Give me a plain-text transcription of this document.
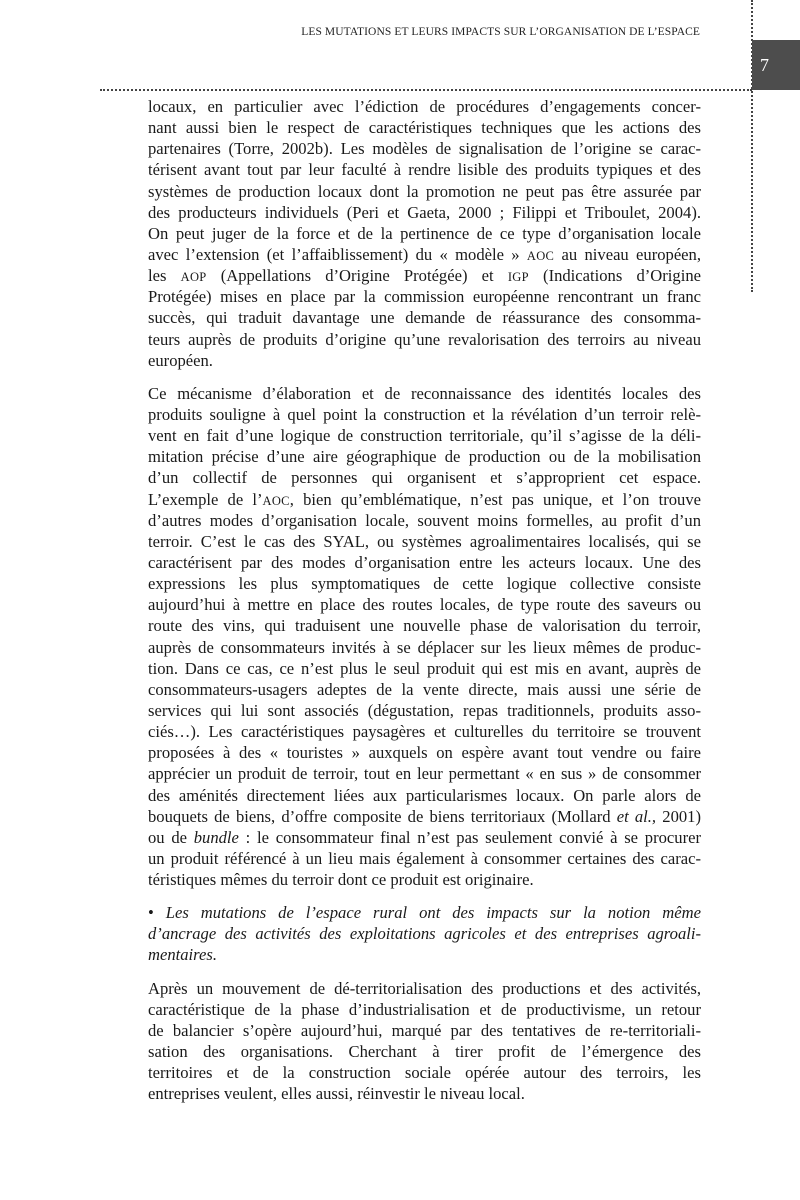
LES MUTATIONS ET LEURS IMPACTS SUR L’ORGANISATION DE L’ESPACE
7
locaux, en particulier avec l’édiction de procédures d’engagements concer-
nant aussi bien le respect de caractéristiques techniques que les actions des
partenaires (Torre, 2002b). Les modèles de signalisation de l’origine se carac-
térisent avant tout par leur faculté à rendre lisible des produits typiques et des
systèmes de production locaux dont la promotion ne peut pas être assurée par
des producteurs individuels (Peri et Gaeta, 2000 ; Filippi et Triboulet, 2004).
On peut juger de la force et de la pertinence de ce type d’organisation locale
avec l’extension (et l’affaiblissement) du « modèle » AOC au niveau européen,
les AOP (Appellations d’Origine Protégée) et IGP (Indications d’Origine
Protégée) mises en place par la commission européenne rencontrant un franc
succès, qui traduit davantage une demande de réassurance des consomma-
teurs auprès de produits d’origine qu’une revalorisation des terroirs au niveau
européen.
Ce mécanisme d’élaboration et de reconnaissance des identités locales des
produits souligne à quel point la construction et la révélation d’un terroir relè-
vent en fait d’une logique de construction territoriale, qu’il s’agisse de la déli-
mitation précise d’une aire géographique de production ou de la mobilisation
d’un collectif de personnes qui organisent et s’approprient cet espace.
L’exemple de l’AOC, bien qu’emblématique, n’est pas unique, et l’on trouve
d’autres modes d’organisation locale, souvent moins formelles, au profit d’un
terroir. C’est le cas des SYAL, ou systèmes agroalimentaires localisés, qui se
caractérisent par des modes d’organisation entre les acteurs locaux. Une des
expressions les plus symptomatiques de cette logique collective consiste
aujourd’hui à mettre en place des routes locales, de type route des saveurs ou
route des vins, qui traduisent une nouvelle phase de valorisation du terroir,
auprès de consommateurs invités à se déplacer sur les lieux mêmes de produc-
tion. Dans ce cas, ce n’est plus le seul produit qui est mis en avant, auprès de
consommateurs-usagers adeptes de la vente directe, mais aussi une série de
services qui lui sont associés (dégustation, repas traditionnels, produits asso-
ciés…). Les caractéristiques paysagères et culturelles du territoire se trouvent
proposées à des « touristes » auxquels on espère avant tout vendre ou faire
apprécier un produit de terroir, tout en leur permettant « en sus » de consommer
des aménités directement liées aux particularismes locaux. On parle alors de
bouquets de biens, d’offre composite de biens territoriaux (Mollard et al., 2001)
ou de bundle : le consommateur final n’est pas seulement convié à se procurer
un produit référencé à un lieu mais également à consommer certaines des carac-
téristiques mêmes du terroir dont ce produit est originaire.
• Les mutations de l’espace rural ont des impacts sur la notion même
d’ancrage des activités des exploitations agricoles et des entreprises agroali-
mentaires.
Après un mouvement de dé-territorialisation des productions et des activités,
caractéristique de la phase d’industrialisation et de productivisme, un retour
de balancier s’opère aujourd’hui, marqué par des tentatives de re-territoriali-
sation des organisations. Cherchant à tirer profit de l’émergence des
territoires et de la construction sociale opérée autour des terroirs, les
entreprises veulent, elles aussi, réinvestir le niveau local.
